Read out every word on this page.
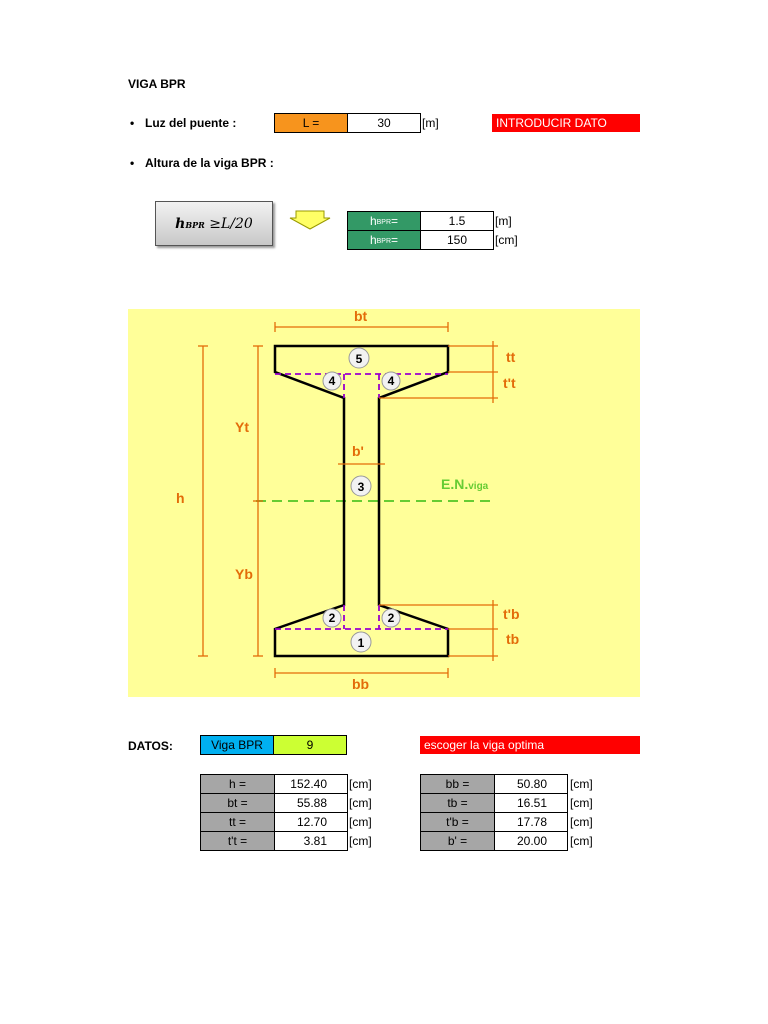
VIGA BPR
• Luz del puente :	L =	30	[m]	INTRODUCIR DATO
• Altura de la viga BPR :
h BPR
≥L/20	h BPR =	1.5	[m]
h BPR =	150	[cm]
5
4	4
3
2	2
1
bt
bb
h
Yt
Yb
tt
t't
t'b
tb
b'
E.N.viga
DATOS:	Viga BPR	9	escoger la viga optima
h =	152.40	[cm]
bt =	55.88	[cm]
tt =	12.70	[cm]
t't =	3.81	[cm]
bb =	50.80	[cm]
tb =	16.51	[cm]
t'b =	17.78	[cm]
b' =	20.00	[cm]
